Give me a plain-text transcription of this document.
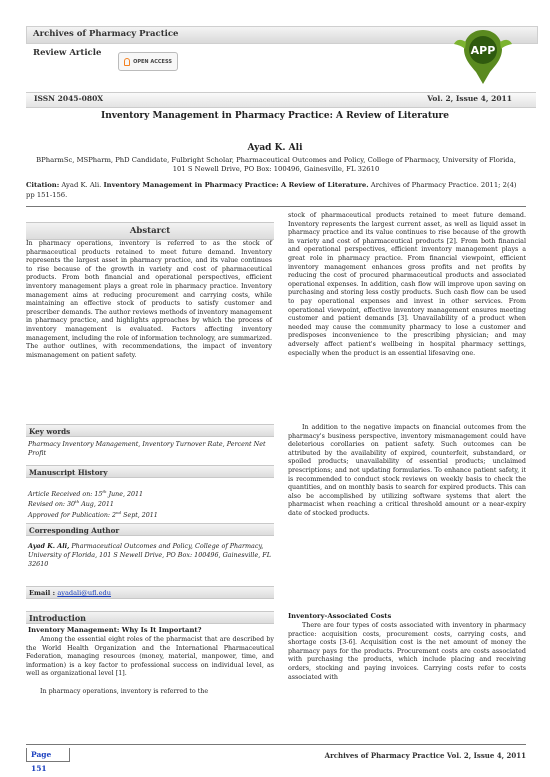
Archives of Pharmacy Practice
Review Article
OPEN ACCESS
APP
ISSN 2045-080X	Vol. 2, Issue 4, 2011
Inventory Management in Pharmacy Practice: A Review of Literature
Ayad K. Ali
BPharmSc, MSPharm, PhD Candidate, Fulbright Scholar, Pharmaceutical Outcomes and Policy, College of Pharmacy, University of Florida, 101 S Newell Drive, PO Box: 100496, Gainesville, FL 32610
Citation: Ayad K. Ali. Inventory Management in Pharmacy Practice: A Review of Literature. Archives of Pharmacy Practice. 2011; 2(4) pp 151-156.
Abstarct
In pharmacy operations, inventory is referred to as the stock of pharmaceutical products retained to meet future demand. Inventory represents the largest asset in pharmacy practice, and its value continues to rise because of the growth in variety and cost of pharmaceutical products. From both financial and operational perspectives, efficient inventory management plays a great role in pharmacy practice. Inventory management aims at reducing procurement and carrying costs, while maintaining an effective stock of products to satisfy customer and prescriber demands. The author reviews methods of inventory management in pharmacy practice, and highlights approaches by which the process of inventory management is evaluated. Factors affecting inventory management, including the role of information technology, are summarized. The author outlines, with recommendations, the impact of inventory mismanagement on patient safety.
Key words
Pharmacy Inventory Management, Inventory Turnover Rate, Percent Net Profit
Manuscript History
Article Received on: 15th June, 2011
Revised on: 30th Aug, 2011
Approved for Publication: 2nd Sept, 2011
Corresponding Author
Ayad K. Ali, Pharmaceutical Outcomes and Policy, College of Pharmacy, University of Florida, 101 S Newell Drive, PO Box: 100496, Gainesville, FL 32610
Email : ayadali@ufl.edu
Introduction
Inventory Management: Why Is It Important?
Among the essential eight roles of the pharmacist that are described by the World Health Organization and the International Pharmaceutical Federation, managing resources (money, material, manpower, time, and information) is a key factor to professional success on individual level, as well as organizational level [1].
In pharmacy operations, inventory is referred to the
stock of pharmaceutical products retained to meet future demand. Inventory represents the largest current asset, as well as liquid asset in pharmacy practice and its value continues to rise because of the growth in variety and cost of pharmaceutical products [2]. From both financial and operational perspectives, efficient inventory management plays a great role in pharmacy practice. From financial viewpoint, efficient inventory management enhances gross profits and net profits by reducing the cost of procured pharmaceutical products and associated operational expenses. In addition, cash flow will improve upon saving on purchasing and storing less costly products. Such cash flow can be used to pay operational expenses and invest in other services. From operational viewpoint, effective inventory management ensures meeting customer and patient demands [3]. Unavailability of a product when needed may cause the community pharmacy to lose a customer and predisposes inconvenience to the prescribing physician; and may adversely affect patient's wellbeing in hospital pharmacy settings, especially when the product is an essential lifesaving one.
In addition to the negative impacts on financial outcomes from the pharmacy's business perspective, inventory mismanagement could have deleterious corollaries on patient safety. Such outcomes can be attributed by the availability of expired, counterfeit, substandard, or spoiled products; unavailability of essential products; unclaimed prescriptions; and not updating formularies. To enhance patient safety, it is recommended to conduct stock reviews on weekly basis to check the quantities, and on monthly basis to search for expired products. This can also be accomplished by utilizing software systems that alert the pharmacist when reaching a critical threshold amount or a near-expiry date of stocked products.
Inventory-Associated Costs
There are four types of costs associated with inventory in pharmacy practice: acquisition costs, procurement costs, carrying costs, and shortage costs [3-6]. Acquisition cost is the net amount of money the pharmacy pays for the products. Procurement costs are costs associated with purchasing the products, which include placing and receiving orders, stocking and paying invoices. Carrying costs refer to costs associated with
Page 151
Archives of Pharmacy Practice Vol. 2, Issue 4, 2011
